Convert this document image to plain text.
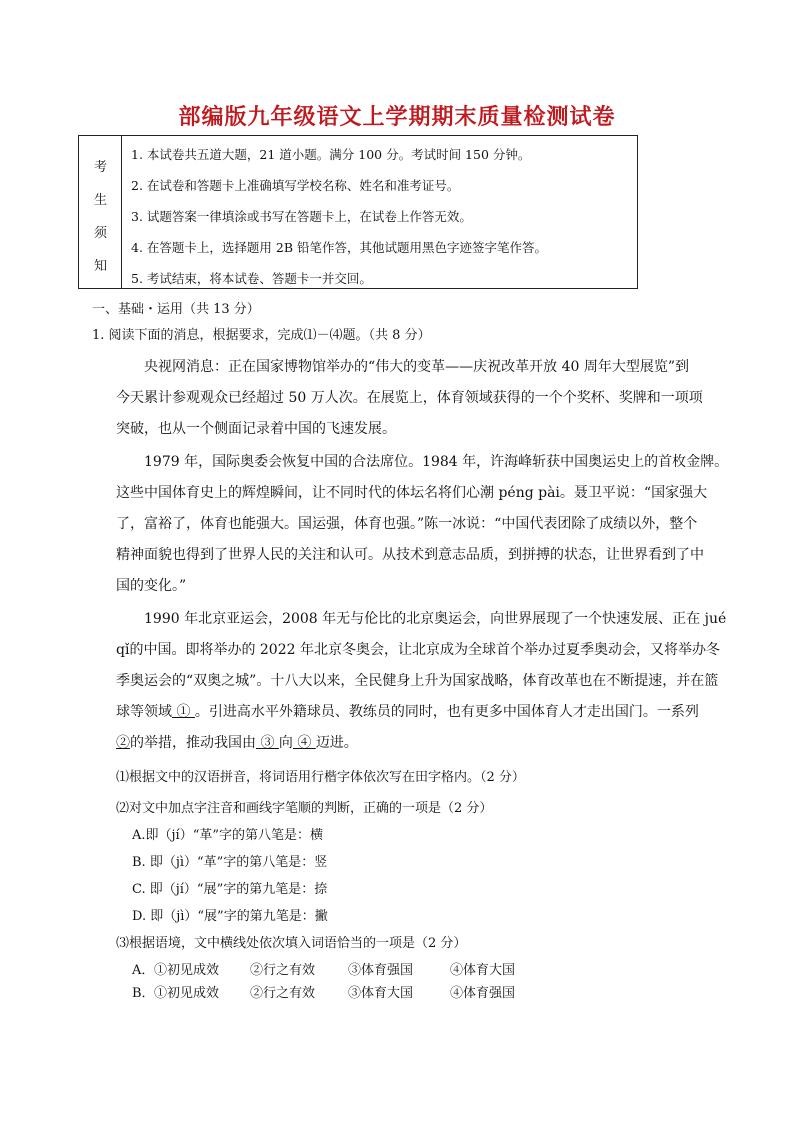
部编版九年级语文上学期期末质量检测试卷
考
生
须
知
1. 本试卷共五道大题，21 道小题。满分 100 分。考试时间 150 分钟。
2. 在试卷和答题卡上准确填写学校名称、姓名和准考证号。
3. 试题答案一律填涂或书写在答题卡上，在试卷上作答无效。
4. 在答题卡上，选择题用 2B 铅笔作答，其他试题用黑色字迹签字笔作答。
5. 考试结束，将本试卷、答题卡一并交回。
一、基础・运用（共 13 分）
1. 阅读下面的消息，根据要求，完成⑴－⑷题。（共 8 分）
央视网消息：正在国家博物馆举办的“伟大的变革——庆祝改革开放 40 周年大型展览”到
今天累计参观观众已经超过 50 万人次。在展览上，体育领域获得的一个个奖杯、奖牌和一项项
突破，也从一个侧面记录着中国的飞速发展。
1979 年，国际奥委会恢复中国的合法席位。1984 年，许海峰斩获中国奥运史上的首枚金牌。
这些中国体育史上的辉煌瞬间，让不同时代的体坛名将们心潮 péng pài。聂卫平说：“国家强大
了，富裕了，体育也能强大。国运强，体育也强。”陈一冰说：“中国代表团除了成绩以外，整个
精神面貌也得到了世界人民的关注和认可。从技术到意志品质，到拼搏的状态，让世界看到了中
国的变化。”
1990 年北京亚运会，2008 年无与伦比的北京奥运会，向世界展现了一个快速发展、正在 jué
qǐ的中国。即将举办的 2022 年北京冬奥会，让北京成为全球首个举办过夏季奥动会，又将举办冬
季奥运会的“双奥之城”。十八大以来，全民健身上升为国家战略，体育改革也在不断提速，并在篮
球等领域 ① 。引进高水平外籍球员、教练员的同时，也有更多中国体育人才走出国门。一系列
②的举措，推动我国由 ③ 向 ④ 迈进。
⑴根据文中的汉语拼音，将词语用行楷字体依次写在田字格内。（2 分）
⑵对文中加点字注音和画线字笔顺的判断，正确的一项是（2 分）
A.即（jí）“革”字的第八笔是：横
B. 即（jì）“革”字的第八笔是：竖
C. 即（jí）“展”字的第九笔是：捺
D. 即（jì）“展”字的第九笔是：撇
⑶根据语境，文中横线处依次填入词语恰当的一项是（2 分）
A． ①初见成效 ②行之有效	③体育强国	④体育大国
B． ①初见成效 ②行之有效	③体育大国	④体育强国
